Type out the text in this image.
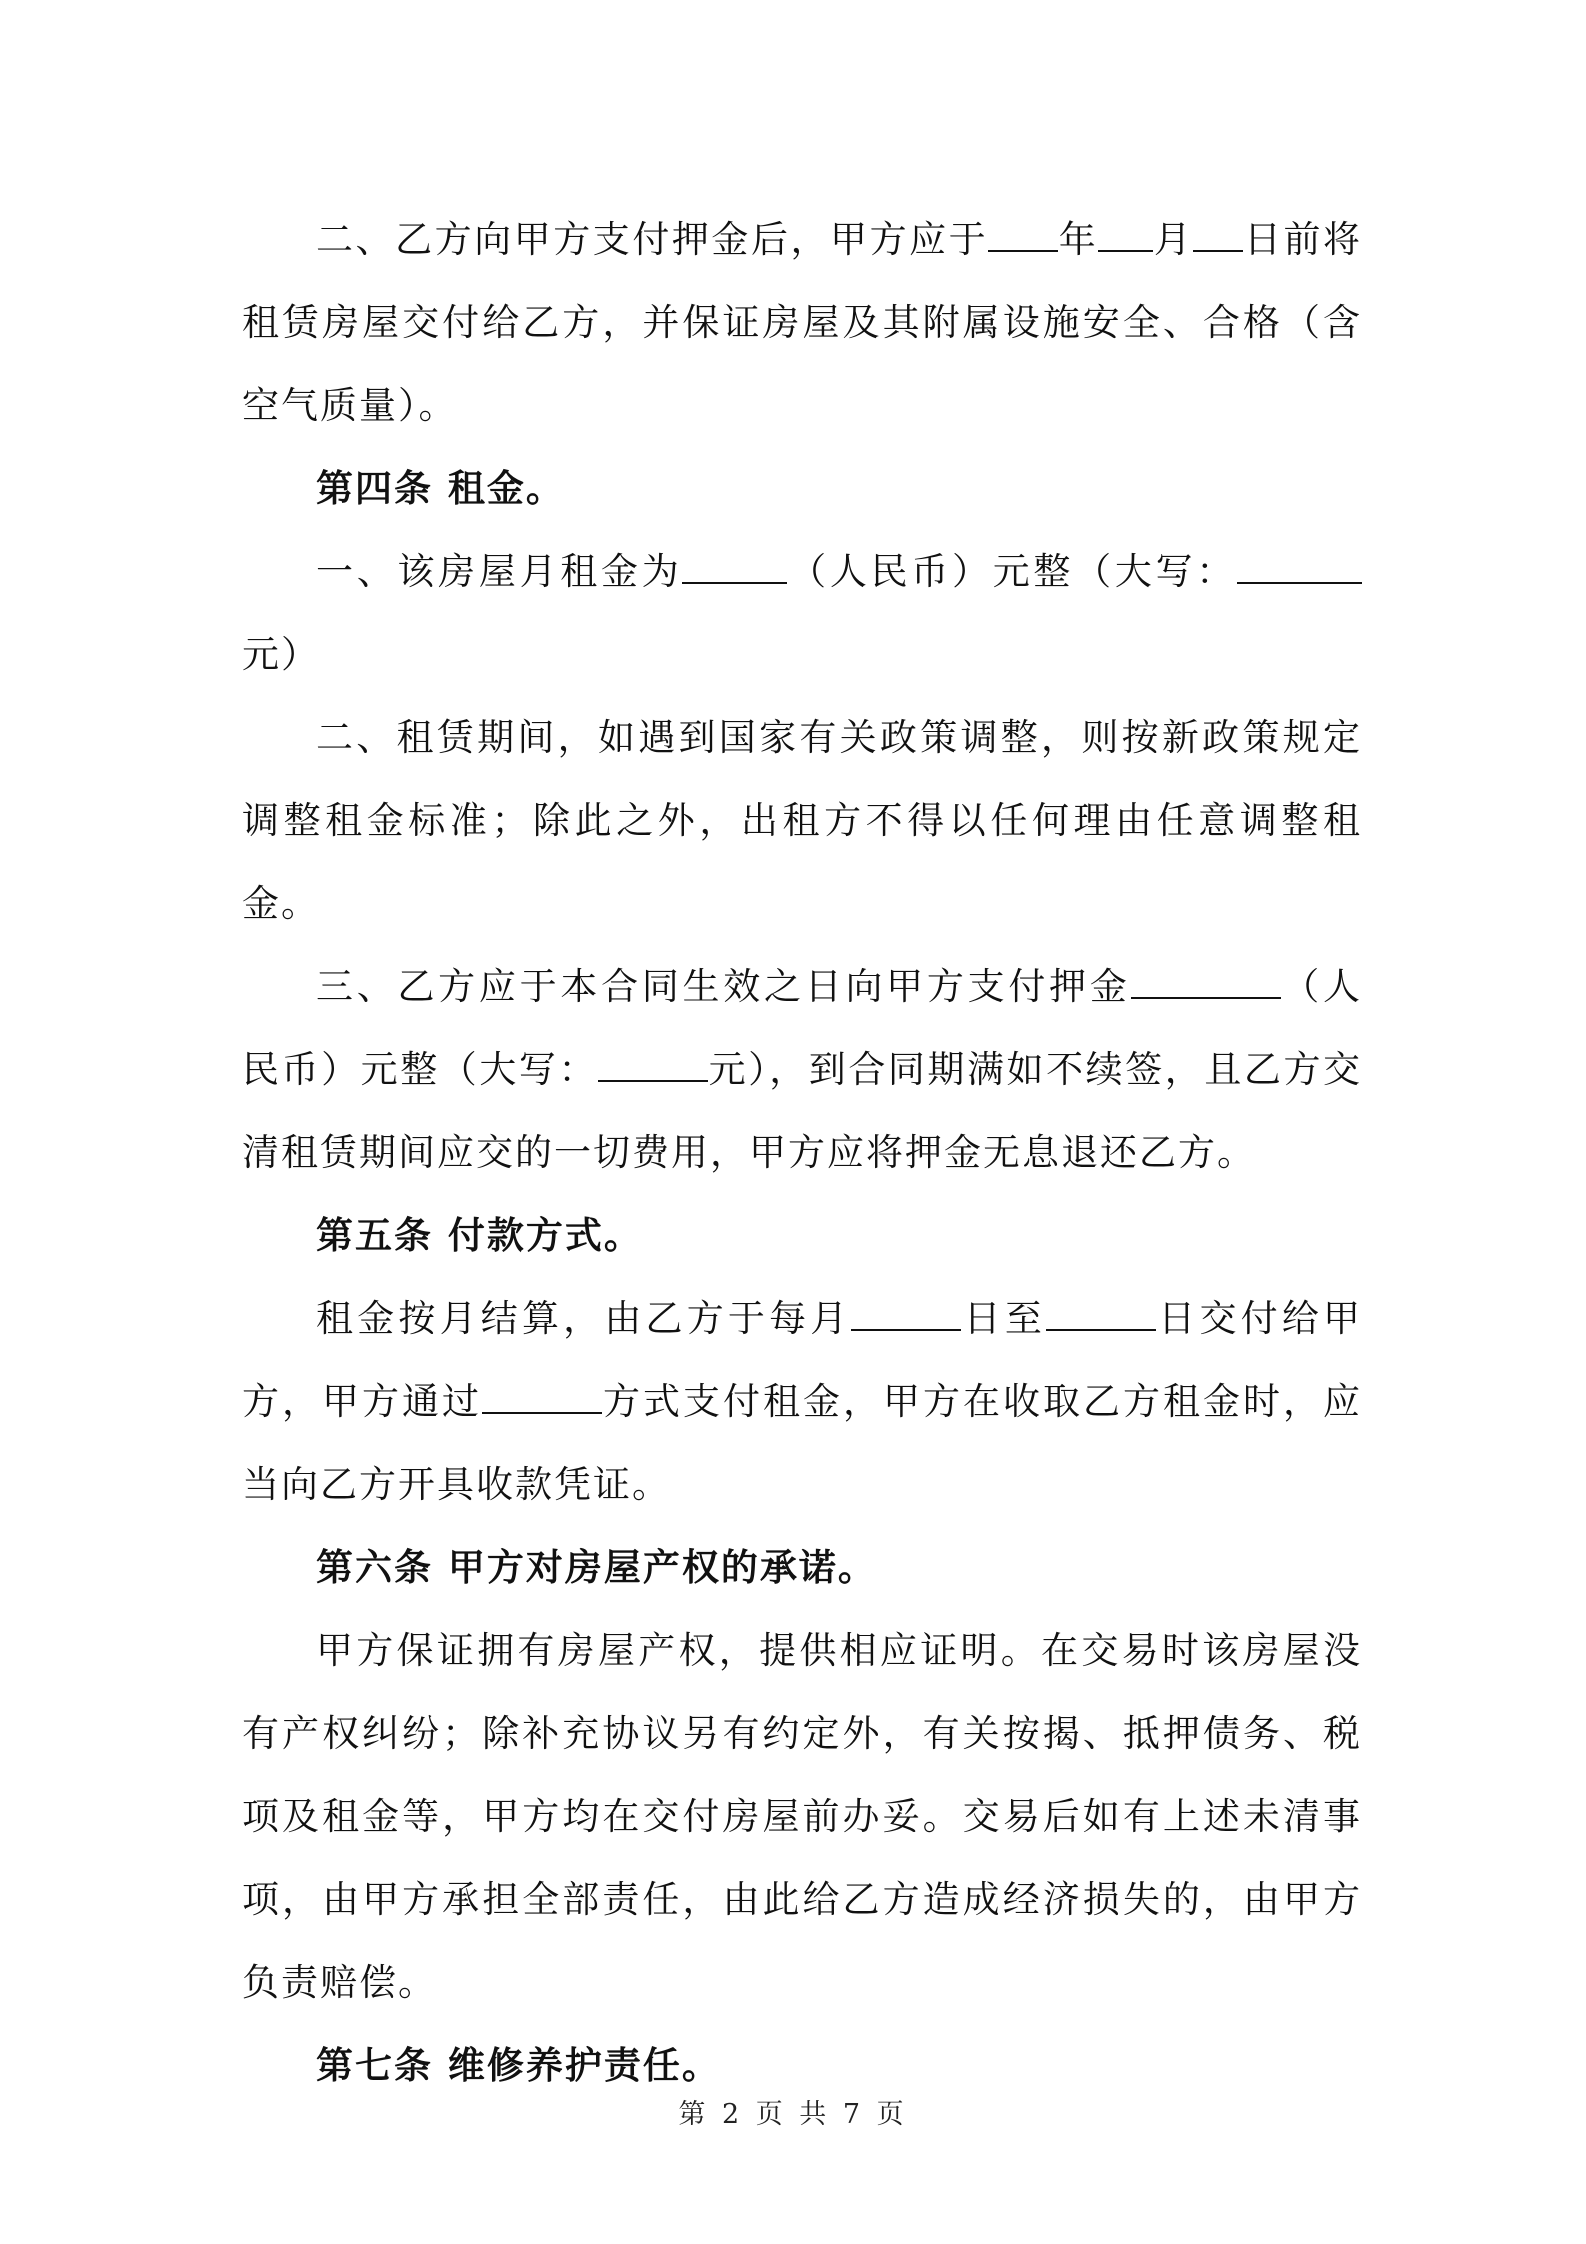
二、乙方向甲方支付押金后，甲方应于 年 月 日前将租赁房屋交付给乙方，并保证房屋及其附属设施安全、合格（含空气质量）。

第四条 租金。

一、该房屋月租金为	（人民币）元整（大写：元）

二、租赁期间，如遇到国家有关政策调整，则按新政策规定调整租金标准；除此之外，出租方不得以任何理由任意调整租金。

三、乙方应于本合同生效之日向甲方支付押金	（人民币）元整（大写：	元），到合同期满如不续签，且乙方交清租赁期间应交的一切费用，甲方应将押金无息退还乙方。

第五条 付款方式。

租金按月结算，由乙方于每月	日至	日交付给甲方，甲方通过	方式支付租金，甲方在收取乙方租金时，应当向乙方开具收款凭证。

第六条 甲方对房屋产权的承诺。

甲方保证拥有房屋产权，提供相应证明。在交易时该房屋没有产权纠纷；除补充协议另有约定外，有关按揭、抵押债务、税项及租金等，甲方均在交付房屋前办妥。交易后如有上述未清事项，由甲方承担全部责任，由此给乙方造成经济损失的，由甲方负责赔偿。

第七条 维修养护责任。

第 2 页 共 7 页
